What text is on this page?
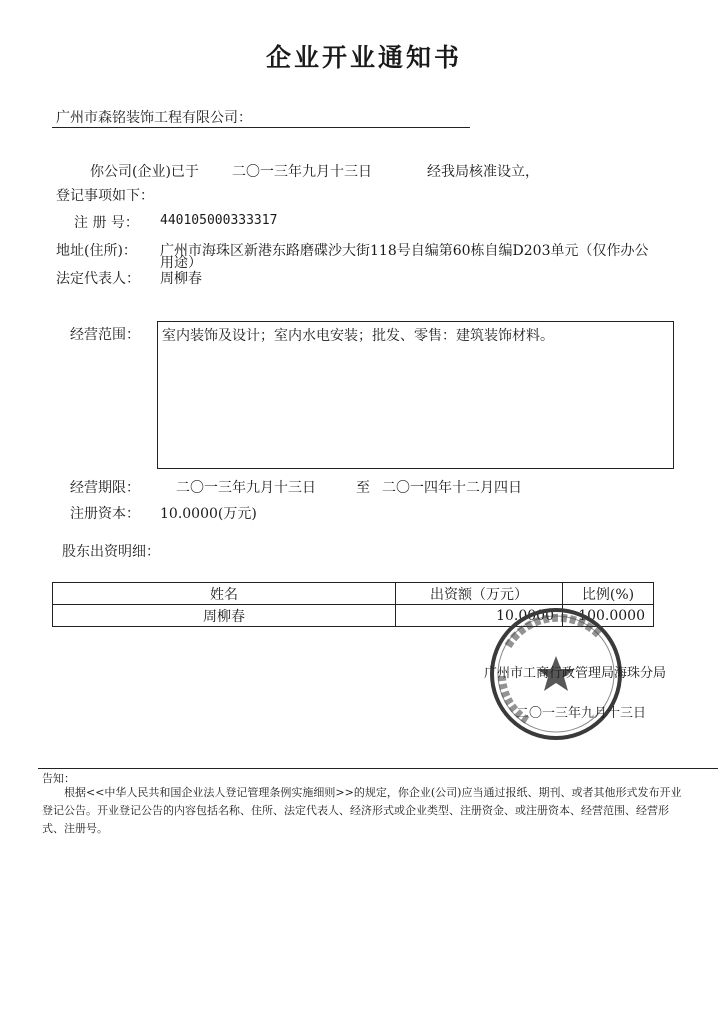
企业开业通知书
广州市森铭装饰工程有限公司：
你公司(企业)已于 二〇一三年九月十三日	经我局核准设立，
登记事项如下：
注 册 号： 440105000333317
地址(住所)： 广州市海珠区新港东路磨碟沙大街118号自编第60栋自编D203单元（仅作办公
用途）
法定代表人： 周柳春
经营范围：	室内装饰及设计；室内水电安装；批发、零售：建筑装饰材料。
经营期限：	二〇一三年九月十三日	至 二〇一四年十二月四日
注册资本： 10.0000(万元)
股东出资明细：
姓名	出资额（万元）	比例(%)
周柳春	10.0000	100.0000
广州市工商行政管理局海珠分局
二〇一三年九月十三日
告知：
根据<<中华人民共和国企业法人登记管理条例实施细则>>的规定，你企业(公司)应当通过报纸、期刊、或者其他形式发布开业登记公告。开业登记公告的内容包括名称、住所、法定代表人、经济形式或企业类型、注册资金、或注册资本、经营范围、经营形式、注册号。
